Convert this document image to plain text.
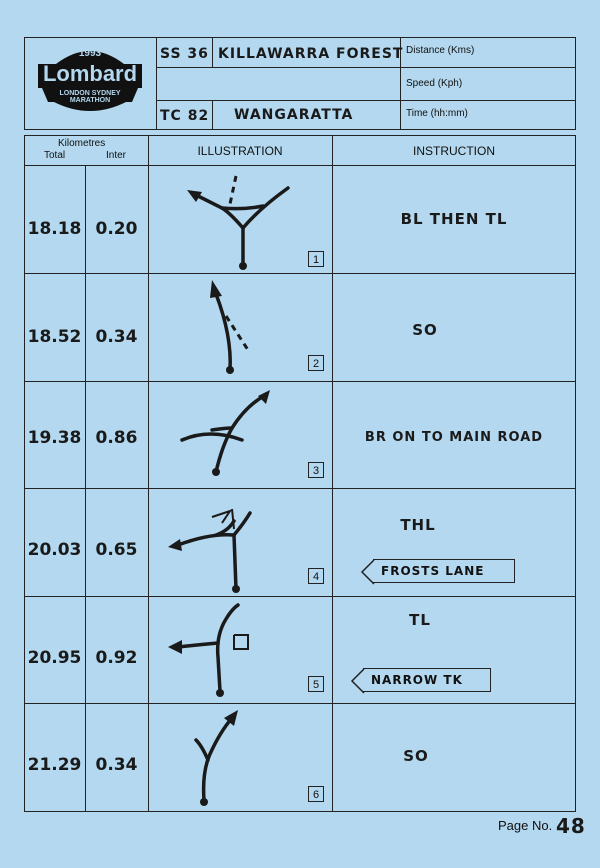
1993
Lombard
LONDON SYDNEY MARATHON
SS 36 KILLAWARRA FOREST
TC 82 WANGARATTA
Distance (Kms)
Speed (Kph)
Time (hh:mm)
Kilometres
Total	Inter	ILLUSTRATION	INSTRUCTION
18.18 0.20
1
BL THEN TL
18.52 0.34
2
SO
19.38 0.86
3
BR ON TO MAIN ROAD
20.03 0.65
4
THL
FROSTS LANE
20.95 0.92
5
TL
NARROW TK
21.29 0.34
6
SO
Page No. 48
